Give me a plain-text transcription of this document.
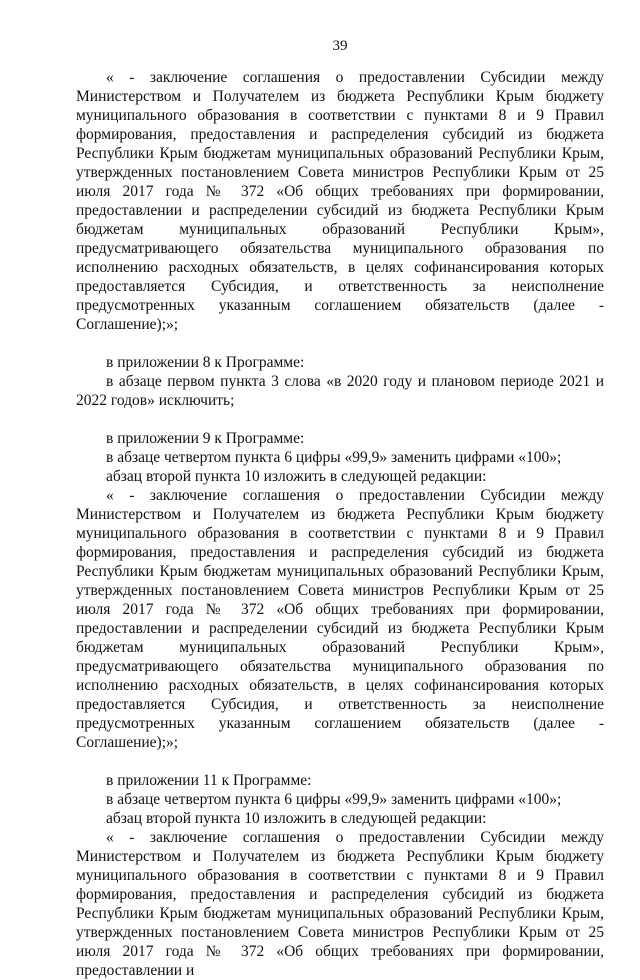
39

« - заключение соглашения о предоставлении Субсидии между Министерством и Получателем из бюджета Республики Крым бюджету муниципального образования в соответствии с пунктами 8 и 9 Правил формирования, предоставления и распределения субсидий из бюджета Республики Крым бюджетам муниципальных образований Республики Крым, утвержденных постановлением Совета министров Республики Крым от 25 июля 2017 года № 372 «Об общих требованиях при формировании, предоставлении и распределении субсидий из бюджета Республики Крым бюджетам муниципальных образований Республики Крым», предусматривающего обязательства муниципального образования по исполнению расходных обязательств, в целях софинансирования которых предоставляется Субсидия, и ответственность за неисполнение предусмотренных указанным соглашением обязательств (далее - Соглашение);»;

в приложении 8 к Программе:

в абзаце первом пункта 3 слова «в 2020 году и плановом периоде 2021 и 2022 годов» исключить;

в приложении 9 к Программе:

в абзаце четвертом пункта 6 цифры «99,9» заменить цифрами «100»;

абзац второй пункта 10 изложить в следующей редакции:

« - заключение соглашения о предоставлении Субсидии между Министерством и Получателем из бюджета Республики Крым бюджету муниципального образования в соответствии с пунктами 8 и 9 Правил формирования, предоставления и распределения субсидий из бюджета Республики Крым бюджетам муниципальных образований Республики Крым, утвержденных постановлением Совета министров Республики Крым от 25 июля 2017 года № 372 «Об общих требованиях при формировании, предоставлении и распределении субсидий из бюджета Республики Крым бюджетам муниципальных образований Республики Крым», предусматривающего обязательства муниципального образования по исполнению расходных обязательств, в целях софинансирования которых предоставляется Субсидия, и ответственность за неисполнение предусмотренных указанным соглашением обязательств (далее - Соглашение);»;

в приложении 11 к Программе:

в абзаце четвертом пункта 6 цифры «99,9» заменить цифрами «100»;

абзац второй пункта 10 изложить в следующей редакции:

« - заключение соглашения о предоставлении Субсидии между Министерством и Получателем из бюджета Республики Крым бюджету муниципального образования в соответствии с пунктами 8 и 9 Правил формирования, предоставления и распределения субсидий из бюджета Республики Крым бюджетам муниципальных образований Республики Крым, утвержденных постановлением Совета министров Республики Крым от 25 июля 2017 года № 372 «Об общих требованиях при формировании, предоставлении и
